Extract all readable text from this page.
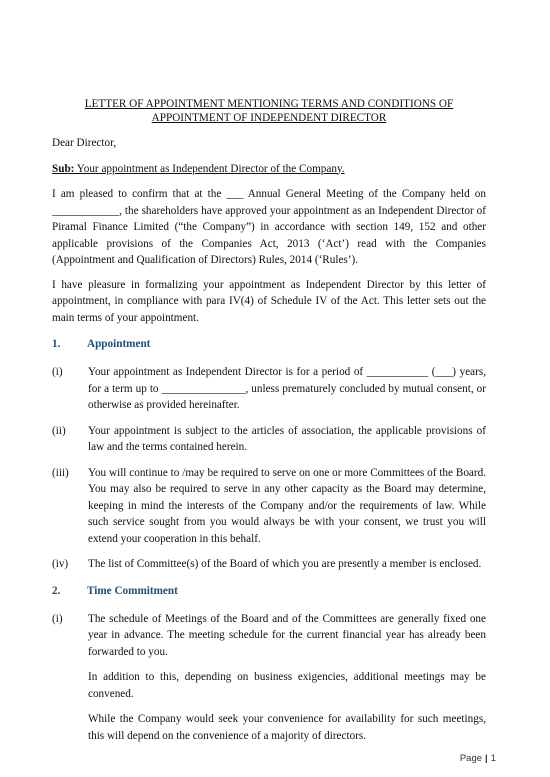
LETTER OF APPOINTMENT MENTIONING TERMS AND CONDITIONS OF APPOINTMENT OF INDEPENDENT DIRECTOR

Dear Director,

Sub: Your appointment as Independent Director of the Company.

I am pleased to confirm that at the ___ Annual General Meeting of the Company held on ____________, the shareholders have approved your appointment as an Independent Director of Piramal Finance Limited (“the Company”) in accordance with section 149, 152 and other applicable provisions of the Companies Act, 2013 (‘Act’) read with the Companies (Appointment and Qualification of Directors) Rules, 2014 (‘Rules’).

I have pleasure in formalizing your appointment as Independent Director by this letter of appointment, in compliance with para IV(4) of Schedule IV of the Act. This letter sets out the main terms of your appointment.

1.	Appointment
(i)	Your appointment as Independent Director is for a period of ___________ (___) years, for a term up to _______________, unless prematurely concluded by mutual consent, or otherwise as provided hereinafter.

(ii)	Your appointment is subject to the articles of association, the applicable provisions of law and the terms contained herein.

(iii)	You will continue to /may be required to serve on one or more Committees of the Board. You may also be required to serve in any other capacity as the Board may determine, keeping in mind the interests of the Company and/or the requirements of law. While such service sought from you would always be with your consent, we trust you will extend your cooperation in this behalf.

(iv)	The list of Committee(s) of the Board of which you are presently a member is enclosed.

2.	Time Commitment
(i)	The schedule of Meetings of the Board and of the Committees are generally fixed one year in advance. The meeting schedule for the current financial year has already been forwarded to you.

In addition to this, depending on business exigencies, additional meetings may be convened.

While the Company would seek your convenience for availability for such meetings, this will depend on the convenience of a majority of directors.

Page | 1
